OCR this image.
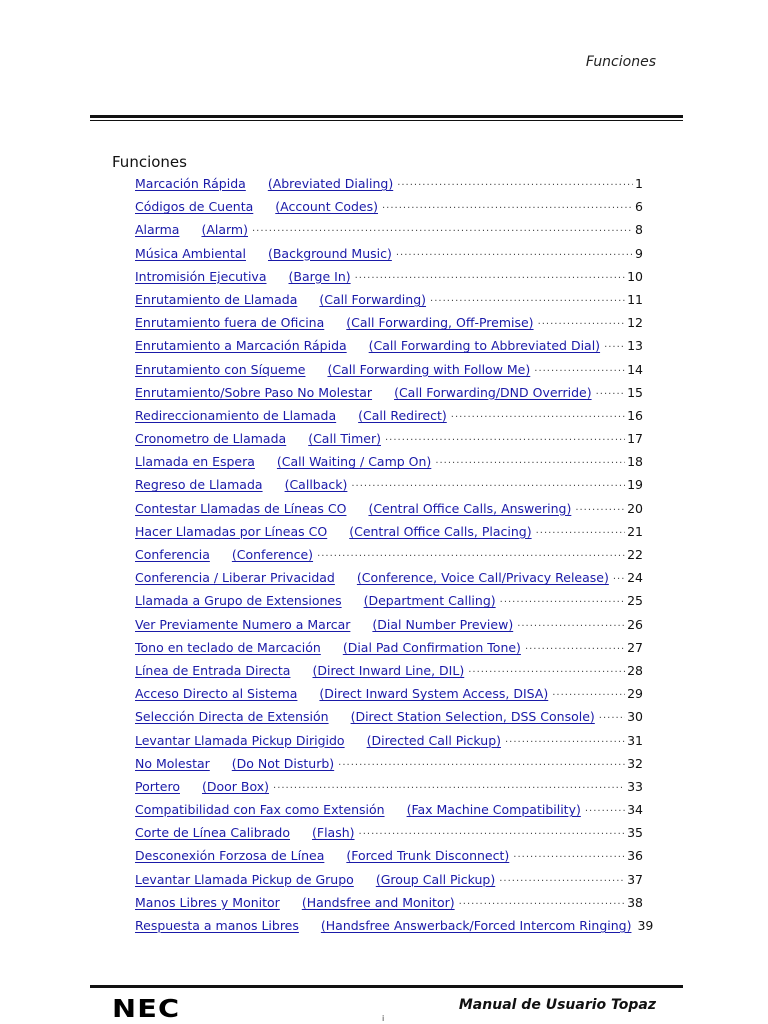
Funciones
Funciones
Marcación Rápida (Abreviated Dialing) ·····	1
Códigos de Cuenta (Account Codes) ·····	6
Alarma (Alarm) ·····	8
Música Ambiental (Background Music) ·····	9
Intromisión Ejecutiva (Barge In) ·····	10
Enrutamiento de Llamada (Call Forwarding) ·····	11
Enrutamiento fuera de Oficina (Call Forwarding, Off-Premise) ·····	12
Enrutamiento a Marcación Rápida (Call Forwarding to Abbreviated Dial) ····· 13
Enrutamiento con Síqueme (Call Forwarding with Follow Me) ·····	14
Enrutamiento/Sobre Paso No Molestar (Call Forwarding/DND Override) ·····	15
Redireccionamiento de Llamada (Call Redirect) ·····	16
Cronometro de Llamada (Call Timer) ·····	17
Llamada en Espera (Call Waiting / Camp On) ·····	18
Regreso de Llamada (Callback) ·····	19
Contestar Llamadas de Líneas CO (Central Office Calls, Answering) ·····	20
Hacer Llamadas por Líneas CO (Central Office Calls, Placing) ·····	21
Conferencia (Conference) ·····	22
Conferencia / Liberar Privacidad (Conference, Voice Call/Privacy Release) ····· 24
Llamada a Grupo de Extensiones (Department Calling) ·····	25
Ver Previamente Numero a Marcar (Dial Number Preview) ·····	26
Tono en teclado de Marcación (Dial Pad Confirmation Tone) ·····	27
Línea de Entrada Directa (Direct Inward Line, DIL) ·····	28
Acceso Directo al Sistema (Direct Inward System Access, DISA) ·····	29
Selección Directa de Extensión (Direct Station Selection, DSS Console) ·····	30
Levantar Llamada Pickup Dirigido (Directed Call Pickup) ·····	31
No Molestar (Do Not Disturb) ·····	32
Portero (Door Box) ·····	33
Compatibilidad con Fax como Extensión (Fax Machine Compatibility) ·····	34
Corte de Línea Calibrado (Flash) ·····	35
Desconexión Forzosa de Línea (Forced Trunk Disconnect) ·····	36
Levantar Llamada Pickup de Grupo (Group Call Pickup) ·····	37
Manos Libres y Monitor (Handsfree and Monitor) ·····	38
Respuesta a manos Libres (Handsfree Answerback/Forced Intercom Ringing) 39
NEC	Manual de Usuario Topaz
i
